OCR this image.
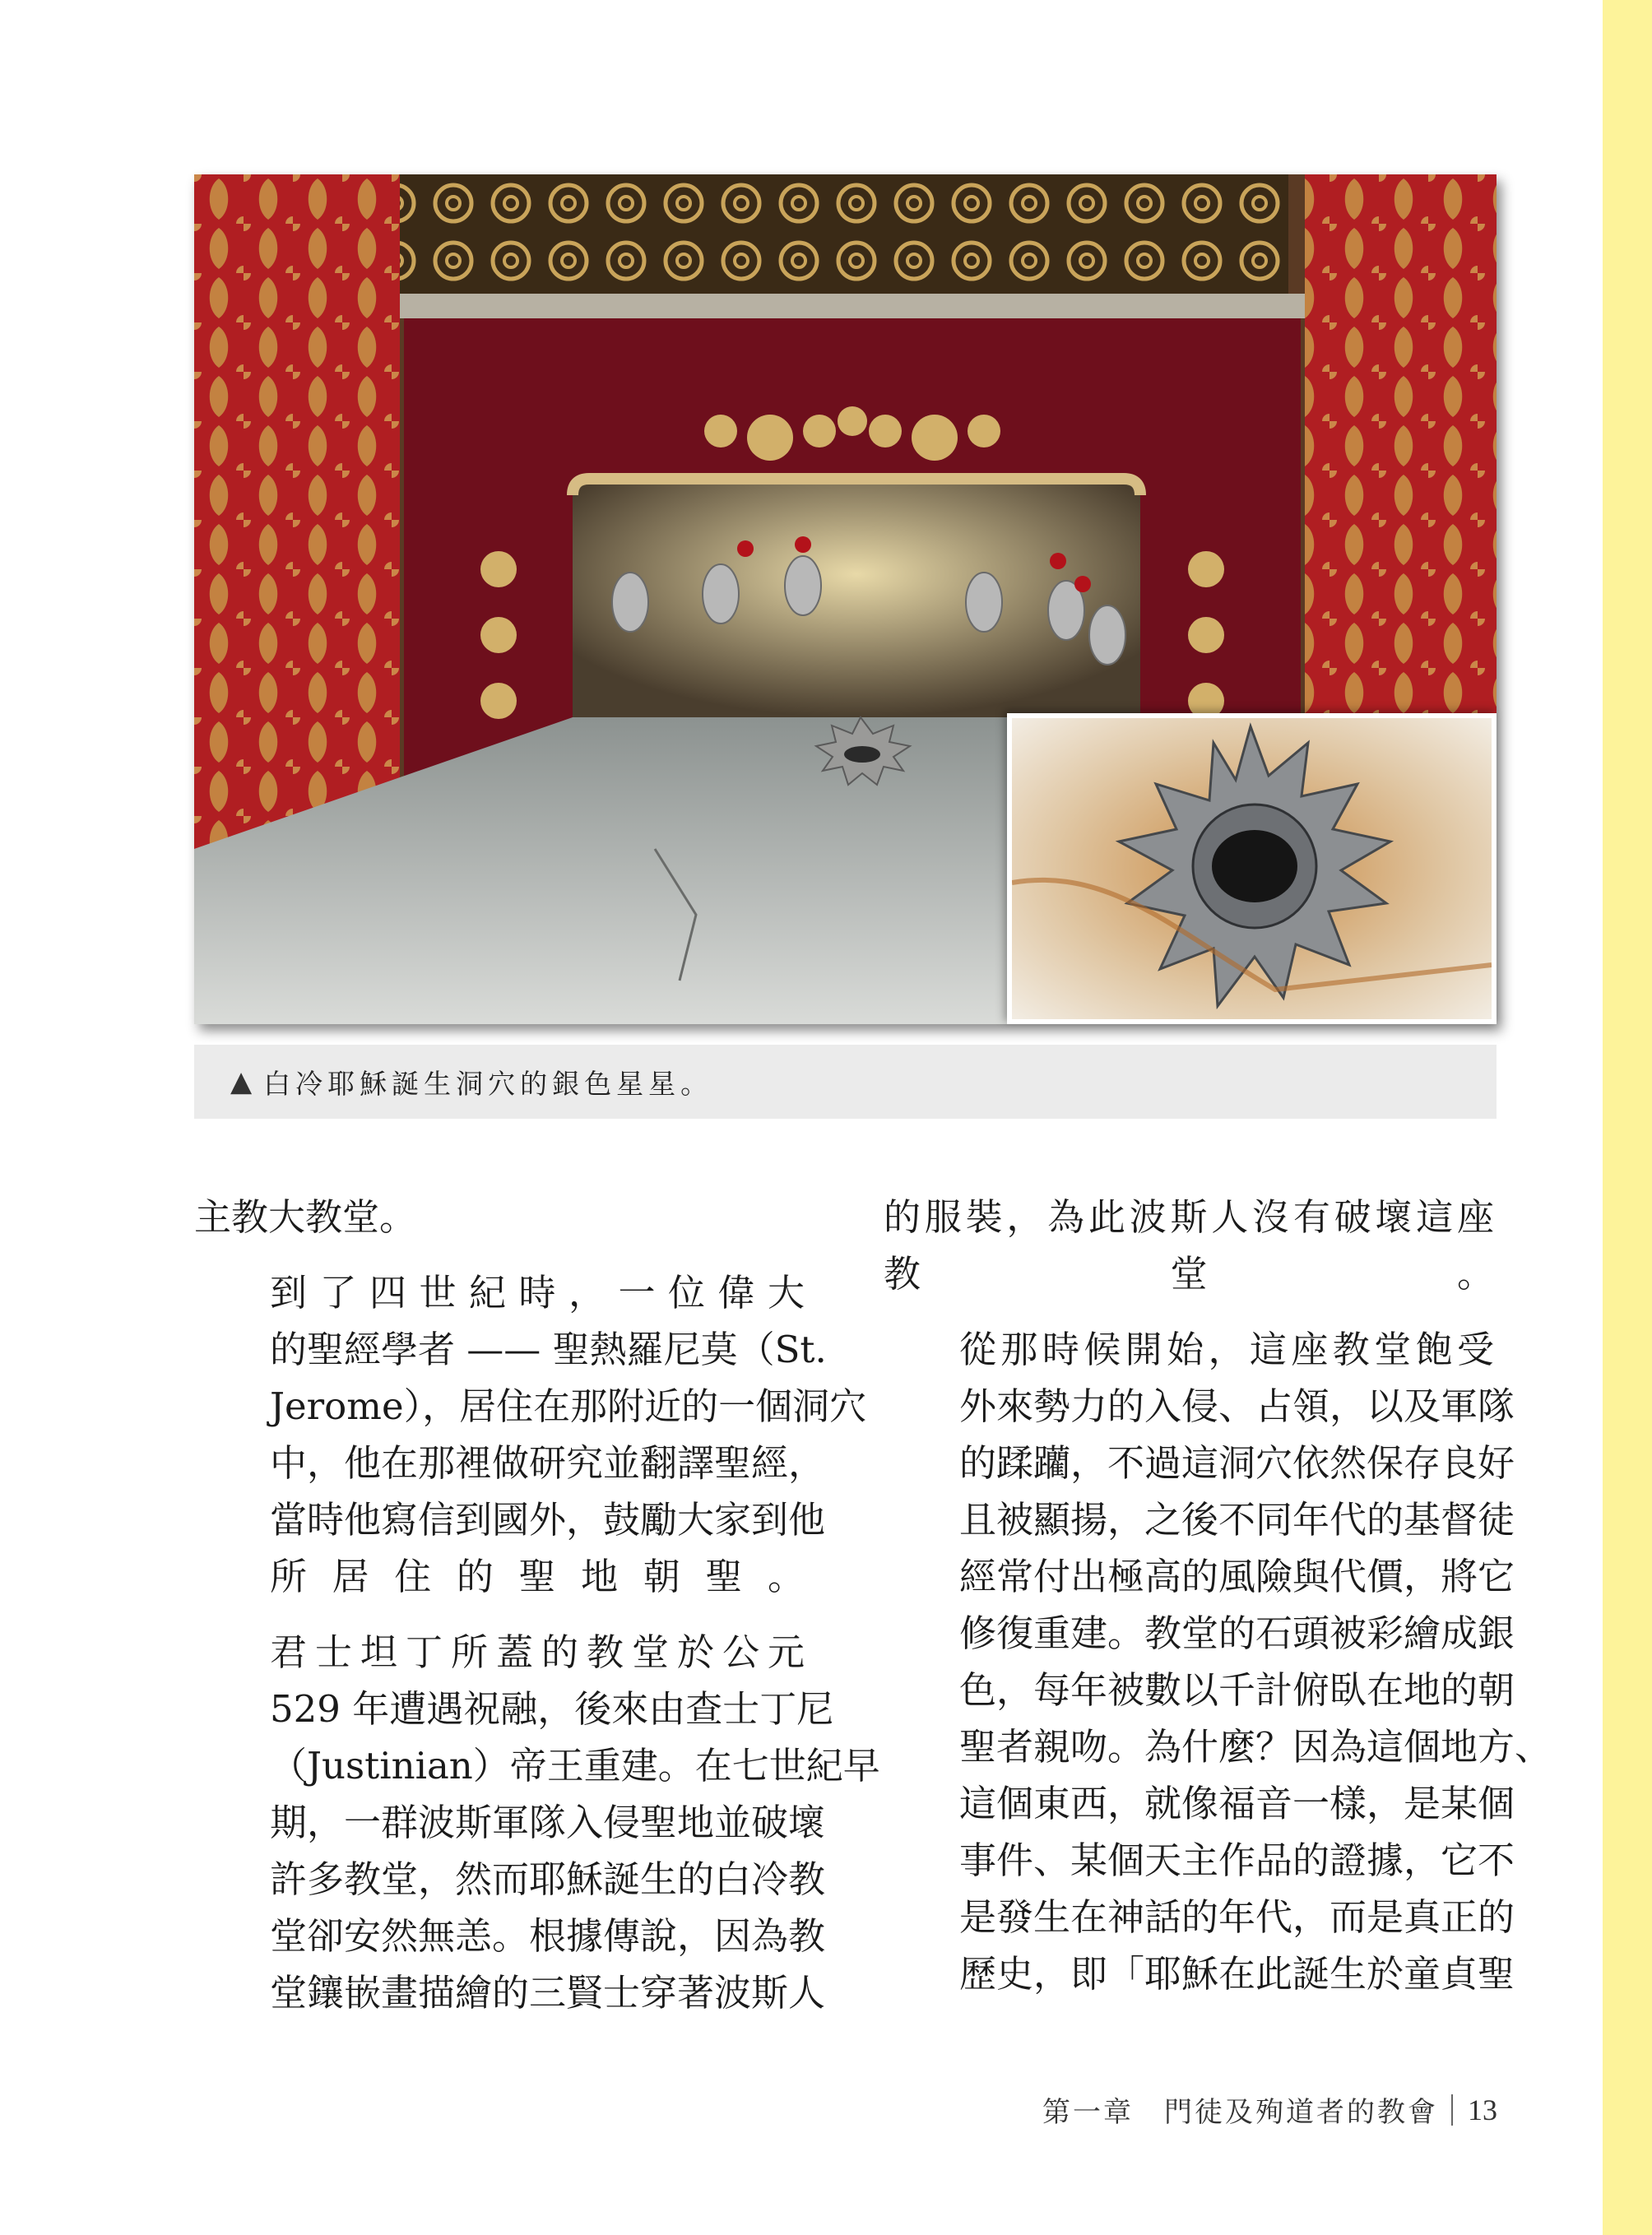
▲ 白冷耶穌誕生洞穴的銀色星星。

主教大教堂。

到了四世紀時，一位偉大
的聖經學者 —— 聖熱羅尼莫（St.
Jerome），居住在那附近的一個洞穴
中，他在那裡做研究並翻譯聖經，
當時他寫信到國外，鼓勵大家到他
所居住的聖地朝聖。

君士坦丁所蓋的教堂於公元
529 年遭遇祝融，後來由查士丁尼
（Justinian）帝王重建。在七世紀早
期，一群波斯軍隊入侵聖地並破壞
許多教堂，然而耶穌誕生的白冷教
堂卻安然無恙。根據傳說，因為教
堂鑲嵌畫描繪的三賢士穿著波斯人

的服裝，為此波斯人沒有破壞這座
教堂。

從那時候開始，這座教堂飽受
外來勢力的入侵、占領，以及軍隊
的蹂躪，不過這洞穴依然保存良好
且被顯揚，之後不同年代的基督徒
經常付出極高的風險與代價，將它
修復重建。教堂的石頭被彩繪成銀
色，每年被數以千計俯臥在地的朝
聖者親吻。為什麼？因為這個地方、
這個東西，就像福音一樣，是某個
事件、某個天主作品的證據，它不
是發生在神話的年代，而是真正的
歷史，即「耶穌在此誕生於童貞聖

第一章　門徒及殉道者的教會 13
